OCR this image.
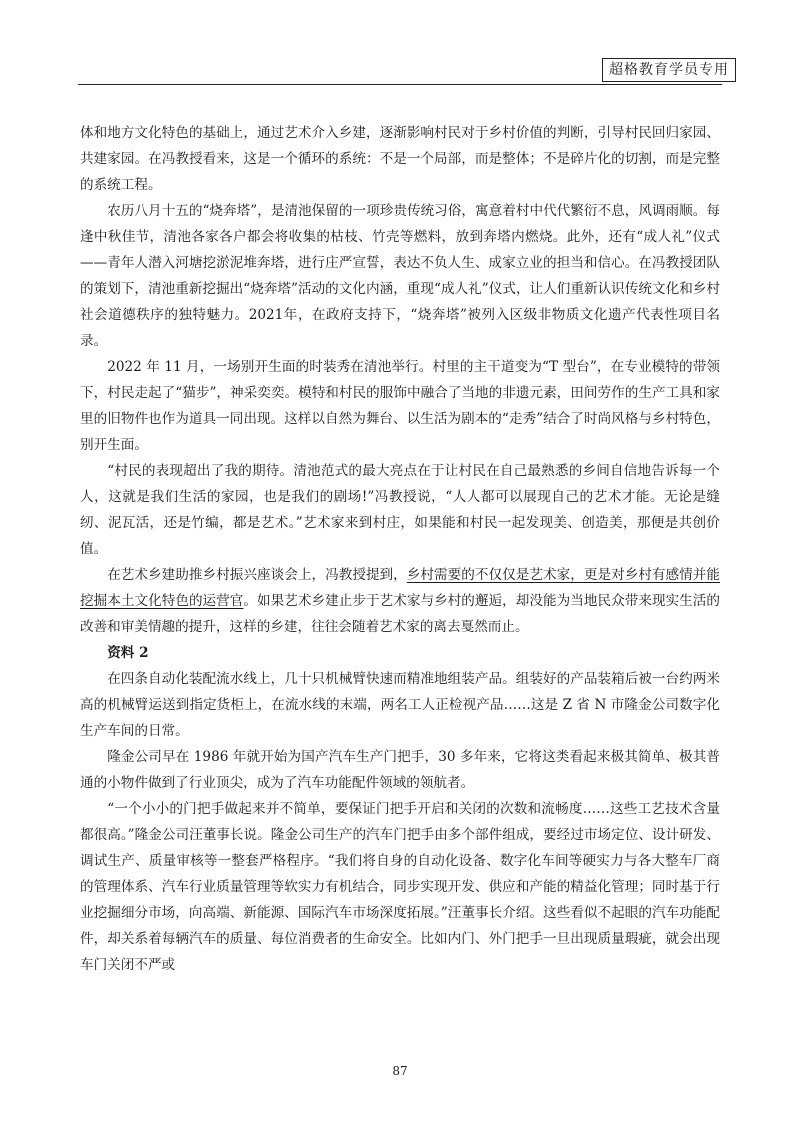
超格教育学员专用

体和地方文化特色的基础上，通过艺术介入乡建，逐渐影响村民对于乡村价值的判断，引导村民回归家园、共建家园。在冯教授看来，这是一个循环的系统：不是一个局部，而是整体；不是碎片化的切割，而是完整的系统工程。

农历八月十五的“烧奔塔”，是清池保留的一项珍贵传统习俗，寓意着村中代代繁衍不息，风调雨顺。每逢中秋佳节，清池各家各户都会将收集的枯枝、竹壳等燃料，放到奔塔内燃烧。此外，还有“成人礼”仪式——青年人潜入河塘挖淤泥堆奔塔，进行庄严宣誓，表达不负人生、成家立业的担当和信心。在冯教授团队的策划下，清池重新挖掘出“烧奔塔”活动的文化内涵，重现“成人礼”仪式，让人们重新认识传统文化和乡村社会道德秩序的独特魅力。2021年，在政府支持下，“烧奔塔”被列入区级非物质文化遗产代表性项目名录。

2022 年 11 月，一场别开生面的时装秀在清池举行。村里的主干道变为“T 型台”，在专业模特的带领下，村民走起了“猫步”，神采奕奕。模特和村民的服饰中融合了当地的非遗元素，田间劳作的生产工具和家里的旧物件也作为道具一同出现。这样以自然为舞台、以生活为剧本的“走秀”结合了时尚风格与乡村特色，别开生面。

“村民的表现超出了我的期待。清池范式的最大亮点在于让村民在自己最熟悉的乡间自信地告诉每一个人，这就是我们生活的家园，也是我们的剧场!”冯教授说，“人人都可以展现自己的艺术才能。无论是缝纫、泥瓦活，还是竹编，都是艺术。”艺术家来到村庄，如果能和村民一起发现美、创造美，那便是共创价值。

在艺术乡建助推乡村振兴座谈会上，冯教授提到，乡村需要的不仅仅是艺术家，更是对乡村有感情并能挖掘本土文化特色的运营官。如果艺术乡建止步于艺术家与乡村的邂逅，却没能为当地民众带来现实生活的改善和审美情趣的提升，这样的乡建，往往会随着艺术家的离去戛然而止。

资料 2

在四条自动化装配流水线上，几十只机械臂快速而精准地组装产品。组装好的产品装箱后被一台约两米高的机械臂运送到指定货柜上，在流水线的末端，两名工人正检视产品……这是 Z 省 N 市隆金公司数字化生产车间的日常。

隆金公司早在 1986 年就开始为国产汽车生产门把手，30 多年来，它将这类看起来极其简单、极其普通的小物件做到了行业顶尖，成为了汽车功能配件领域的领航者。

“一个小小的门把手做起来并不简单，要保证门把手开启和关闭的次数和流畅度……这些工艺技术含量都很高。”隆金公司汪董事长说。隆金公司生产的汽车门把手由多个部件组成，要经过市场定位、设计研发、调试生产、质量审核等一整套严格程序。“我们将自身的自动化设备、数字化车间等硬实力与各大整车厂商的管理体系、汽车行业质量管理等软实力有机结合，同步实现开发、供应和产能的精益化管理；同时基于行业挖掘细分市场，向高端、新能源、国际汽车市场深度拓展。”汪董事长介绍。这些看似不起眼的汽车功能配件，却关系着每辆汽车的质量、每位消费者的生命安全。比如内门、外门把手一旦出现质量瑕疵，就会出现车门关闭不严或

87
